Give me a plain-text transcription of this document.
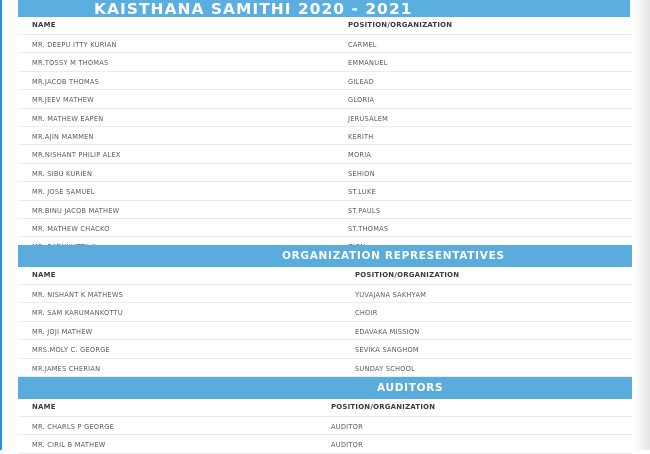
KAISTHANA SAMITHI 2020 - 2021
NAME	POSITION/ORGANIZATION
MR. DEEPU ITTY KURIAN	CARMEL
MR.TOSSY M THOMAS	EMMANUEL
MR.JACOB THOMAS	GILEAD
MR.JEEV MATHEW	GLORIA
MR. MATHEW EAPEN	JERUSALEM
MR.AJIN MAMMEN	KERITH
MR.NISHANT PHILIP ALEX	MORIA
MR. SIBU KURIEN	SEHION
MR. JOSE SAMUEL	ST.LUKE
MR.BINU JACOB MATHEW	ST.PAULS
MR. MATHEW CHACKO	ST.THOMAS
ORGANIZATION REPRESENTATIVES
NAME	POSITION/ORGANIZATION
MR. NISHANT K MATHEWS	YUVAJANA SAKHYAM
MR. SAM KARUMANKOTTU	CHOIR
MR. JOJI MATHEW	EDAVAKA MISSION
MRS.MOLY C. GEORGE	SEVIKA SANGHOM
MR.JAMES CHERIAN	SUNDAY SCHOOL
AUDITORS
NAME	POSITION/ORGANIZATION
MR. CHARLS P GEORGE	AUDITOR
MR. CIRIL B MATHEW	AUDITOR
